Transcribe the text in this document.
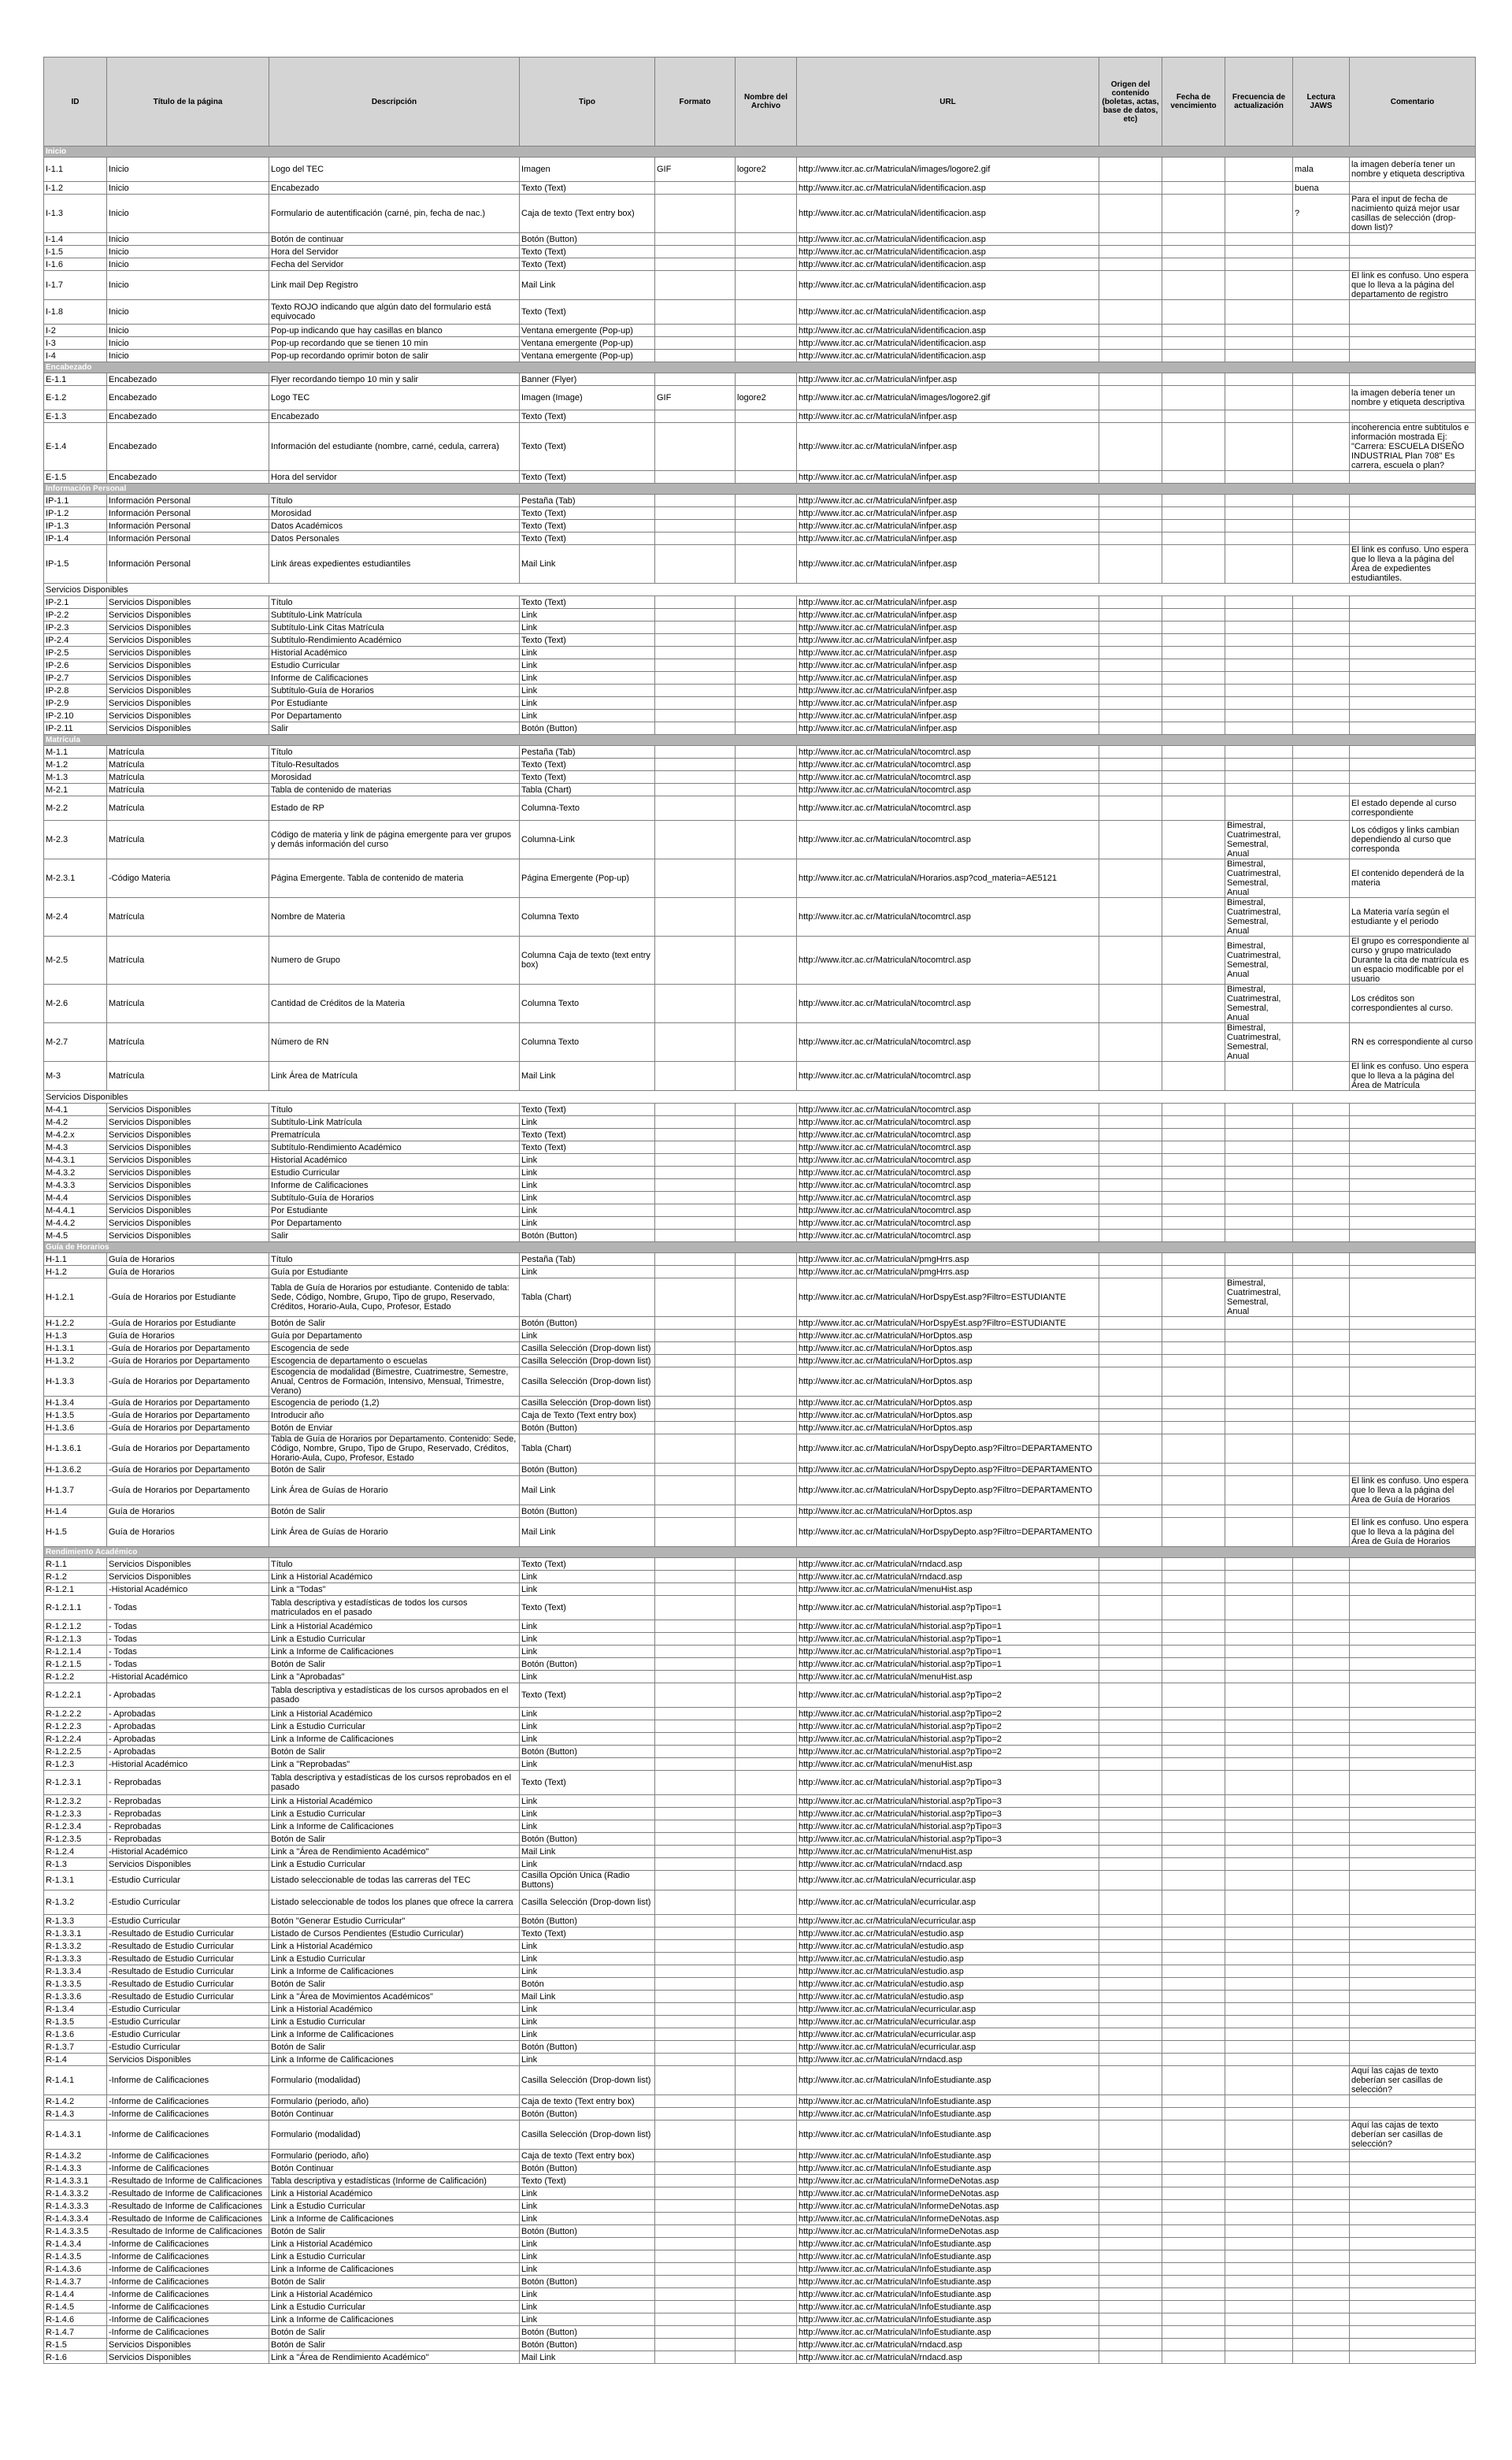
ID	Título de la página	Descripción	Tipo	Formato	Nombre del Archivo	URL	Origen del contenido (boletas, actas, base de datos, etc)	Fecha de vencimiento	Frecuencia de actualización	Lectura JAWS	Comentario
Inicio											
I-1.1	Inicio	Logo del TEC	Imagen	GIF	logore2	http://www.itcr.ac.cr/MatriculaN/images/logore2.gif				mala	la imagen debería tener un nombre y etiqueta descriptiva
I-1.2	Inicio	Encabezado	Texto (Text)			http://www.itcr.ac.cr/MatriculaN/identificacion.asp				buena	
I-1.3	Inicio	Formulario de autentificación (carné, pin, fecha de nac.)	Caja de texto (Text entry box)			http://www.itcr.ac.cr/MatriculaN/identificacion.asp				?	Para el input de fecha de nacimiento quizá mejor usar casillas de selección (drop-down list)?
I-1.4	Inicio	Botón de continuar	Botón (Button)			http://www.itcr.ac.cr/MatriculaN/identificacion.asp					
I-1.5	Inicio	Hora del Servidor	Texto (Text)			http://www.itcr.ac.cr/MatriculaN/identificacion.asp					
I-1.6	Inicio	Fecha del Servidor	Texto (Text)			http://www.itcr.ac.cr/MatriculaN/identificacion.asp					
I-1.7	Inicio	Link mail Dep Registro	Mail Link			http://www.itcr.ac.cr/MatriculaN/identificacion.asp					El link es confuso. Uno espera que lo lleva a la página del departamento de registro
I-1.8	Inicio	Texto ROJO indicando que algún dato del formulario está equivocado	Texto (Text)			http://www.itcr.ac.cr/MatriculaN/identificacion.asp					
I-2	Inicio	Pop-up indicando que hay casillas en blanco	Ventana emergente (Pop-up)			http://www.itcr.ac.cr/MatriculaN/identificacion.asp					
I-3	Inicio	Pop-up recordando que se tienen 10 min	Ventana emergente (Pop-up)			http://www.itcr.ac.cr/MatriculaN/identificacion.asp					
I-4	Inicio	Pop-up recordando oprimir boton de salir	Ventana emergente (Pop-up)			http://www.itcr.ac.cr/MatriculaN/identificacion.asp					
Encabezado											
E-1.1	Encabezado	Flyer recordando tiempo 10 min y salir	Banner (Flyer)			http://www.itcr.ac.cr/MatriculaN/infper.asp					
E-1.2	Encabezado	Logo TEC	Imagen (Image)	GIF	logore2	http://www.itcr.ac.cr/MatriculaN/images/logore2.gif					la imagen debería tener un nombre y etiqueta descriptiva
E-1.3	Encabezado	Encabezado	Texto (Text)			http://www.itcr.ac.cr/MatriculaN/infper.asp					
E-1.4	Encabezado	Información del estudiante (nombre, carné, cedula, carrera)	Texto (Text)			http://www.itcr.ac.cr/MatriculaN/infper.asp					incoherencia entre subtitulos e información mostrada Ej: "Carrera: ESCUELA DISEÑO INDUSTRIAL Plan 708" Es carrera, escuela o plan?
E-1.5	Encabezado	Hora del servidor	Texto (Text)			http://www.itcr.ac.cr/MatriculaN/infper.asp					
Información Personal											
IP-1.1	Información Personal	Título	Pestaña (Tab)			http://www.itcr.ac.cr/MatriculaN/infper.asp					
IP-1.2	Información Personal	Morosidad	Texto (Text)			http://www.itcr.ac.cr/MatriculaN/infper.asp					
IP-1.3	Información Personal	Datos Académicos	Texto (Text)			http://www.itcr.ac.cr/MatriculaN/infper.asp					
IP-1.4	Información Personal	Datos Personales	Texto (Text)			http://www.itcr.ac.cr/MatriculaN/infper.asp					
IP-1.5	Información Personal	Link áreas expedientes estudiantiles	Mail Link			http://www.itcr.ac.cr/MatriculaN/infper.asp					El link es confuso. Uno espera que lo lleva a la página del Área de expedientes estudiantiles.
Servicios Disponibles											
IP-2.1	Servicios Disponibles	Título	Texto (Text)			http://www.itcr.ac.cr/MatriculaN/infper.asp					
IP-2.2	Servicios Disponibles	Subtítulo-Link Matrícula	Link			http://www.itcr.ac.cr/MatriculaN/infper.asp					
IP-2.3	Servicios Disponibles	Subtítulo-Link Citas Matrícula	Link			http://www.itcr.ac.cr/MatriculaN/infper.asp					
IP-2.4	Servicios Disponibles	Subtítulo-Rendimiento Académico	Texto (Text)			http://www.itcr.ac.cr/MatriculaN/infper.asp					
IP-2.5	Servicios Disponibles	Historial Académico	Link			http://www.itcr.ac.cr/MatriculaN/infper.asp					
IP-2.6	Servicios Disponibles	Estudio Curricular	Link			http://www.itcr.ac.cr/MatriculaN/infper.asp					
IP-2.7	Servicios Disponibles	Informe de Calificaciones	Link			http://www.itcr.ac.cr/MatriculaN/infper.asp					
IP-2.8	Servicios Disponibles	Subtítulo-Guía de Horarios	Link			http://www.itcr.ac.cr/MatriculaN/infper.asp					
IP-2.9	Servicios Disponibles	Por Estudiante	Link			http://www.itcr.ac.cr/MatriculaN/infper.asp					
IP-2.10	Servicios Disponibles	Por Departamento	Link			http://www.itcr.ac.cr/MatriculaN/infper.asp					
IP-2.11	Servicios Disponibles	Salir	Botón (Button)			http://www.itcr.ac.cr/MatriculaN/infper.asp					
Matrícula											
M-1.1	Matrícula	Título	Pestaña (Tab)			http://www.itcr.ac.cr/MatriculaN/tocomtrcl.asp					
M-1.2	Matrícula	Título-Resultados	Texto (Text)			http://www.itcr.ac.cr/MatriculaN/tocomtrcl.asp					
M-1.3	Matrícula	Morosidad	Texto (Text)			http://www.itcr.ac.cr/MatriculaN/tocomtrcl.asp					
M-2.1	Matrícula	Tabla de contenido de materias	Tabla (Chart)			http://www.itcr.ac.cr/MatriculaN/tocomtrcl.asp					
M-2.2	Matrícula	Estado de RP	Columna-Texto			http://www.itcr.ac.cr/MatriculaN/tocomtrcl.asp					El estado depende al curso correspondiente
M-2.3	Matrícula	Código de materia y link de página emergente para ver grupos y demás información del curso	Columna-Link			http://www.itcr.ac.cr/MatriculaN/tocomtrcl.asp			Bimestral, Cuatrimestral, Semestral, Anual		Los códigos y links cambian dependiendo al curso que corresponda
M-2.3.1	-Código Materia	Página Emergente. Tabla de contenido de materia	Página Emergente (Pop-up)			http://www.itcr.ac.cr/MatriculaN/Horarios.asp?cod_materia=AE5121			Bimestral, Cuatrimestral, Semestral, Anual		El contenido dependerá de la materia
M-2.4	Matrícula	Nombre de Materia	Columna Texto			http://www.itcr.ac.cr/MatriculaN/tocomtrcl.asp			Bimestral, Cuatrimestral, Semestral, Anual		La Materia varía según el estudiante y el periodo
M-2.5	Matrícula	Numero de Grupo	Columna Caja de texto (text entry box)			http://www.itcr.ac.cr/MatriculaN/tocomtrcl.asp			Bimestral, Cuatrimestral, Semestral, Anual		El grupo es correspondiente al curso y grupo matriculado Durante la cita de matrícula es un espacio modificable por el usuario
M-2.6	Matrícula	Cantidad de Créditos de la Materia	Columna Texto			http://www.itcr.ac.cr/MatriculaN/tocomtrcl.asp			Bimestral, Cuatrimestral, Semestral, Anual		Los créditos son correspondientes al curso.
M-2.7	Matrícula	Número de RN	Columna Texto			http://www.itcr.ac.cr/MatriculaN/tocomtrcl.asp			Bimestral, Cuatrimestral, Semestral, Anual		RN es correspondiente al curso
M-3	Matrícula	Link Área de Matrícula	Mail Link			http://www.itcr.ac.cr/MatriculaN/tocomtrcl.asp					El link es confuso. Uno espera que lo lleva a la página del Área de Matrícula
Servicios Disponibles											
M-4.1	Servicios Disponibles	Título	Texto (Text)			http://www.itcr.ac.cr/MatriculaN/tocomtrcl.asp					
M-4.2	Servicios Disponibles	Subtítulo-Link Matrícula	Link			http://www.itcr.ac.cr/MatriculaN/tocomtrcl.asp					
M-4.2.x	Servicios Disponibles	Prematrícula	Texto (Text)			http://www.itcr.ac.cr/MatriculaN/tocomtrcl.asp					
M-4.3	Servicios Disponibles	Subtítulo-Rendimiento Académico	Texto (Text)			http://www.itcr.ac.cr/MatriculaN/tocomtrcl.asp					
M-4.3.1	Servicios Disponibles	Historial Académico	Link			http://www.itcr.ac.cr/MatriculaN/tocomtrcl.asp					
M-4.3.2	Servicios Disponibles	Estudio Curricular	Link			http://www.itcr.ac.cr/MatriculaN/tocomtrcl.asp					
M-4.3.3	Servicios Disponibles	Informe de Calificaciones	Link			http://www.itcr.ac.cr/MatriculaN/tocomtrcl.asp					
M-4.4	Servicios Disponibles	Subtítulo-Guía de Horarios	Link			http://www.itcr.ac.cr/MatriculaN/tocomtrcl.asp					
M-4.4.1	Servicios Disponibles	Por Estudiante	Link			http://www.itcr.ac.cr/MatriculaN/tocomtrcl.asp					
M-4.4.2	Servicios Disponibles	Por Departamento	Link			http://www.itcr.ac.cr/MatriculaN/tocomtrcl.asp					
M-4.5	Servicios Disponibles	Salir	Botón (Button)			http://www.itcr.ac.cr/MatriculaN/tocomtrcl.asp					
Guía de Horarios											
H-1.1	Guía de Horarios	Título	Pestaña (Tab)			http://www.itcr.ac.cr/MatriculaN/pmgHrrs.asp					
H-1.2	Guía de Horarios	Guía por Estudiante	Link			http://www.itcr.ac.cr/MatriculaN/pmgHrrs.asp					
H-1.2.1	-Guía de Horarios por Estudiante	Tabla de Guía de Horarios por estudiante. Contenido de tabla: Sede, Código, Nombre, Grupo, Tipo de grupo, Reservado, Créditos, Horario-Aula, Cupo, Profesor, Estado	Tabla (Chart)			http://www.itcr.ac.cr/MatriculaN/HorDspyEst.asp?Filtro=ESTUDIANTE			Bimestral, Cuatrimestral, Semestral, Anual		
H-1.2.2	-Guía de Horarios por Estudiante	Botón de Salir	Botón (Button)			http://www.itcr.ac.cr/MatriculaN/HorDspyEst.asp?Filtro=ESTUDIANTE					
H-1.3	Guía de Horarios	Guía por Departamento	Link			http://www.itcr.ac.cr/MatriculaN/HorDptos.asp					
H-1.3.1	-Guía de Horarios por Departamento	Escogencia de sede	Casilla Selección (Drop-down list)			http://www.itcr.ac.cr/MatriculaN/HorDptos.asp					
H-1.3.2	-Guía de Horarios por Departamento	Escogencia de departamento o escuelas	Casilla Selección (Drop-down list)			http://www.itcr.ac.cr/MatriculaN/HorDptos.asp					
H-1.3.3	-Guía de Horarios por Departamento	Escogencia de modalidad (Bimestre, Cuatrimestre, Semestre, Anual, Centros de Formación, Intensivo, Mensual, Trimestre, Verano)	Casilla Selección (Drop-down list)			http://www.itcr.ac.cr/MatriculaN/HorDptos.asp					
H-1.3.4	-Guía de Horarios por Departamento	Escogencia de periodo (1,2)	Casilla Selección (Drop-down list)			http://www.itcr.ac.cr/MatriculaN/HorDptos.asp					
H-1.3.5	-Guía de Horarios por Departamento	Introducir año	Caja de Texto (Text entry box)			http://www.itcr.ac.cr/MatriculaN/HorDptos.asp					
H-1.3.6	-Guía de Horarios por Departamento	Botón de Enviar	Botón (Button)			http://www.itcr.ac.cr/MatriculaN/HorDptos.asp					
H-1.3.6.1	-Guía de Horarios por Departamento	Tabla de Guía de Horarios por Departamento. Contenido: Sede, Código, Nombre, Grupo, Tipo de Grupo, Reservado, Créditos, Horario-Aula, Cupo, Profesor, Estado	Tabla (Chart)			http://www.itcr.ac.cr/MatriculaN/HorDspyDepto.asp?Filtro=DEPARTAMENTO					
H-1.3.6.2	-Guía de Horarios por Departamento	Botón de Salir	Botón (Button)			http://www.itcr.ac.cr/MatriculaN/HorDspyDepto.asp?Filtro=DEPARTAMENTO					
H-1.3.7	-Guía de Horarios por Departamento	Link Área de Guías de Horario	Mail Link			http://www.itcr.ac.cr/MatriculaN/HorDspyDepto.asp?Filtro=DEPARTAMENTO					El link es confuso. Uno espera que lo lleva a la página del Área de Guía de Horarios
H-1.4	Guía de Horarios	Botón de Salir	Botón (Button)			http://www.itcr.ac.cr/MatriculaN/HorDptos.asp					
H-1.5	Guía de Horarios	Link Área de Guías de Horario	Mail Link			http://www.itcr.ac.cr/MatriculaN/HorDspyDepto.asp?Filtro=DEPARTAMENTO					El link es confuso. Uno espera que lo lleva a la página del Área de Guía de Horarios
Rendimiento Académico											
R-1.1	Servicios Disponibles	Título	Texto (Text)			http://www.itcr.ac.cr/MatriculaN/rndacd.asp					
R-1.2	Servicios Disponibles	Link a Historial Académico	Link			http://www.itcr.ac.cr/MatriculaN/rndacd.asp					
R-1.2.1	-Historial Académico	Link a "Todas"	Link			http://www.itcr.ac.cr/MatriculaN/menuHist.asp					
R-1.2.1.1	- Todas	Tabla descriptiva y estadísticas de todos los cursos matriculados en el pasado	Texto (Text)			http://www.itcr.ac.cr/MatriculaN/historial.asp?pTipo=1					
R-1.2.1.2	- Todas	Link a Historial Académico	Link			http://www.itcr.ac.cr/MatriculaN/historial.asp?pTipo=1					
R-1.2.1.3	- Todas	Link a Estudio Curricular	Link			http://www.itcr.ac.cr/MatriculaN/historial.asp?pTipo=1					
R-1.2.1.4	- Todas	Link a Informe de Calificaciones	Link			http://www.itcr.ac.cr/MatriculaN/historial.asp?pTipo=1					
R-1.2.1.5	- Todas	Botón de Salir	Botón (Button)			http://www.itcr.ac.cr/MatriculaN/historial.asp?pTipo=1					
R-1.2.2	-Historial Académico	Link a "Aprobadas"	Link			http://www.itcr.ac.cr/MatriculaN/menuHist.asp					
R-1.2.2.1	- Aprobadas	Tabla descriptiva y estadísticas de los cursos aprobados en el pasado	Texto (Text)			http://www.itcr.ac.cr/MatriculaN/historial.asp?pTipo=2					
R-1.2.2.2	- Aprobadas	Link a Historial Académico	Link			http://www.itcr.ac.cr/MatriculaN/historial.asp?pTipo=2					
R-1.2.2.3	- Aprobadas	Link a Estudio Curricular	Link			http://www.itcr.ac.cr/MatriculaN/historial.asp?pTipo=2					
R-1.2.2.4	- Aprobadas	Link a Informe de Calificaciones	Link			http://www.itcr.ac.cr/MatriculaN/historial.asp?pTipo=2					
R-1.2.2.5	- Aprobadas	Botón de Salir	Botón (Button)			http://www.itcr.ac.cr/MatriculaN/historial.asp?pTipo=2					
R-1.2.3	-Historial Académico	Link a "Reprobadas"	Link			http://www.itcr.ac.cr/MatriculaN/menuHist.asp					
R-1.2.3.1	- Reprobadas	Tabla descriptiva y estadísticas de los cursos reprobados en el pasado	Texto (Text)			http://www.itcr.ac.cr/MatriculaN/historial.asp?pTipo=3					
R-1.2.3.2	- Reprobadas	Link a Historial Académico	Link			http://www.itcr.ac.cr/MatriculaN/historial.asp?pTipo=3					
R-1.2.3.3	- Reprobadas	Link a Estudio Curricular	Link			http://www.itcr.ac.cr/MatriculaN/historial.asp?pTipo=3					
R-1.2.3.4	- Reprobadas	Link a Informe de Calificaciones	Link			http://www.itcr.ac.cr/MatriculaN/historial.asp?pTipo=3					
R-1.2.3.5	- Reprobadas	Botón de Salir	Botón (Button)			http://www.itcr.ac.cr/MatriculaN/historial.asp?pTipo=3					
R-1.2.4	-Historial Académico	Link a "Área de Rendimiento Académico"	Mail Link			http://www.itcr.ac.cr/MatriculaN/menuHist.asp					
R-1.3	Servicios Disponibles	Link a Estudio Curricular	Link			http://www.itcr.ac.cr/MatriculaN/rndacd.asp					
R-1.3.1	-Estudio Curricular	Listado seleccionable de todas las carreras del TEC	Casilla Opción Única (Radio Buttons)			http://www.itcr.ac.cr/MatriculaN/ecurricular.asp					
R-1.3.2	-Estudio Curricular	Listado seleccionable de todos los planes que ofrece la carrera	Casilla Selección (Drop-down list)			http://www.itcr.ac.cr/MatriculaN/ecurricular.asp					
R-1.3.3	-Estudio Curricular	Botón "Generar Estudio Curricular"	Botón (Button)			http://www.itcr.ac.cr/MatriculaN/ecurricular.asp					
R-1.3.3.1	-Resultado de Estudio Curricular	Listado de Cursos Pendientes (Estudio Curricular)	Texto (Text)			http://www.itcr.ac.cr/MatriculaN/estudio.asp					
R-1.3.3.2	-Resultado de Estudio Curricular	Link a Historial Académico	Link			http://www.itcr.ac.cr/MatriculaN/estudio.asp					
R-1.3.3.3	-Resultado de Estudio Curricular	Link a Estudio Curricular	Link			http://www.itcr.ac.cr/MatriculaN/estudio.asp					
R-1.3.3.4	-Resultado de Estudio Curricular	Link a Informe de Calificaciones	Link			http://www.itcr.ac.cr/MatriculaN/estudio.asp					
R-1.3.3.5	-Resultado de Estudio Curricular	Botón de Salir	Botón			http://www.itcr.ac.cr/MatriculaN/estudio.asp					
R-1.3.3.6	-Resultado de Estudio Curricular	Link a "Área de Movimientos Académicos"	Mail Link			http://www.itcr.ac.cr/MatriculaN/estudio.asp					
R-1.3.4	-Estudio Curricular	Link a Historial Académico	Link			http://www.itcr.ac.cr/MatriculaN/ecurricular.asp					
R-1.3.5	-Estudio Curricular	Link a Estudio Curricular	Link			http://www.itcr.ac.cr/MatriculaN/ecurricular.asp					
R-1.3.6	-Estudio Curricular	Link a Informe de Calificaciones	Link			http://www.itcr.ac.cr/MatriculaN/ecurricular.asp					
R-1.3.7	-Estudio Curricular	Botón de Salir	Botón (Button)			http://www.itcr.ac.cr/MatriculaN/ecurricular.asp					
R-1.4	Servicios Disponibles	Link a Informe de Calificaciones	Link			http://www.itcr.ac.cr/MatriculaN/rndacd.asp					
R-1.4.1	-Informe de Calificaciones	Formulario (modalidad)	Casilla Selección (Drop-down list)			http://www.itcr.ac.cr/MatriculaN/InfoEstudiante.asp					Aquí las cajas de texto deberían ser casillas de selección?
R-1.4.2	-Informe de Calificaciones	Formulario (periodo, año)	Caja de texto (Text entry box)			http://www.itcr.ac.cr/MatriculaN/InfoEstudiante.asp					
R-1.4.3	-Informe de Calificaciones	Botón Continuar	Botón (Button)			http://www.itcr.ac.cr/MatriculaN/InfoEstudiante.asp					
R-1.4.3.1	-Informe de Calificaciones	Formulario (modalidad)	Casilla Selección (Drop-down list)			http://www.itcr.ac.cr/MatriculaN/InfoEstudiante.asp					Aquí las cajas de texto deberían ser casillas de selección?
R-1.4.3.2	-Informe de Calificaciones	Formulario (periodo, año)	Caja de texto (Text entry box)			http://www.itcr.ac.cr/MatriculaN/InfoEstudiante.asp					
R-1.4.3.3	-Informe de Calificaciones	Botón Continuar	Botón (Button)			http://www.itcr.ac.cr/MatriculaN/InfoEstudiante.asp					
R-1.4.3.3.1	-Resultado de Informe de Calificaciones	Tabla descriptiva y estadísticas (Informe de Calificación)	Texto (Text)			http://www.itcr.ac.cr/MatriculaN/InformeDeNotas.asp					
R-1.4.3.3.2	-Resultado de Informe de Calificaciones	Link a Historial Académico	Link			http://www.itcr.ac.cr/MatriculaN/InformeDeNotas.asp					
R-1.4.3.3.3	-Resultado de Informe de Calificaciones	Link a Estudio Curricular	Link			http://www.itcr.ac.cr/MatriculaN/InformeDeNotas.asp					
R-1.4.3.3.4	-Resultado de Informe de Calificaciones	Link a Informe de Calificaciones	Link			http://www.itcr.ac.cr/MatriculaN/InformeDeNotas.asp					
R-1.4.3.3.5	-Resultado de Informe de Calificaciones	Botón de Salir	Botón (Button)			http://www.itcr.ac.cr/MatriculaN/InformeDeNotas.asp					
R-1.4.3.4	-Informe de Calificaciones	Link a Historial Académico	Link			http://www.itcr.ac.cr/MatriculaN/InfoEstudiante.asp					
R-1.4.3.5	-Informe de Calificaciones	Link a Estudio Curricular	Link			http://www.itcr.ac.cr/MatriculaN/InfoEstudiante.asp					
R-1.4.3.6	-Informe de Calificaciones	Link a Informe de Calificaciones	Link			http://www.itcr.ac.cr/MatriculaN/InfoEstudiante.asp					
R-1.4.3.7	-Informe de Calificaciones	Botón de Salir	Botón (Button)			http://www.itcr.ac.cr/MatriculaN/InfoEstudiante.asp					
R-1.4.4	-Informe de Calificaciones	Link a Historial Académico	Link			http://www.itcr.ac.cr/MatriculaN/InfoEstudiante.asp					
R-1.4.5	-Informe de Calificaciones	Link a Estudio Curricular	Link			http://www.itcr.ac.cr/MatriculaN/InfoEstudiante.asp					
R-1.4.6	-Informe de Calificaciones	Link a Informe de Calificaciones	Link			http://www.itcr.ac.cr/MatriculaN/InfoEstudiante.asp					
R-1.4.7	-Informe de Calificaciones	Botón de Salir	Botón (Button)			http://www.itcr.ac.cr/MatriculaN/InfoEstudiante.asp					
R-1.5	Servicios Disponibles	Botón de Salir	Botón (Button)			http://www.itcr.ac.cr/MatriculaN/rndacd.asp					
R-1.6	Servicios Disponibles	Link a "Área de Rendimiento Académico"	Mail Link			http://www.itcr.ac.cr/MatriculaN/rndacd.asp					
